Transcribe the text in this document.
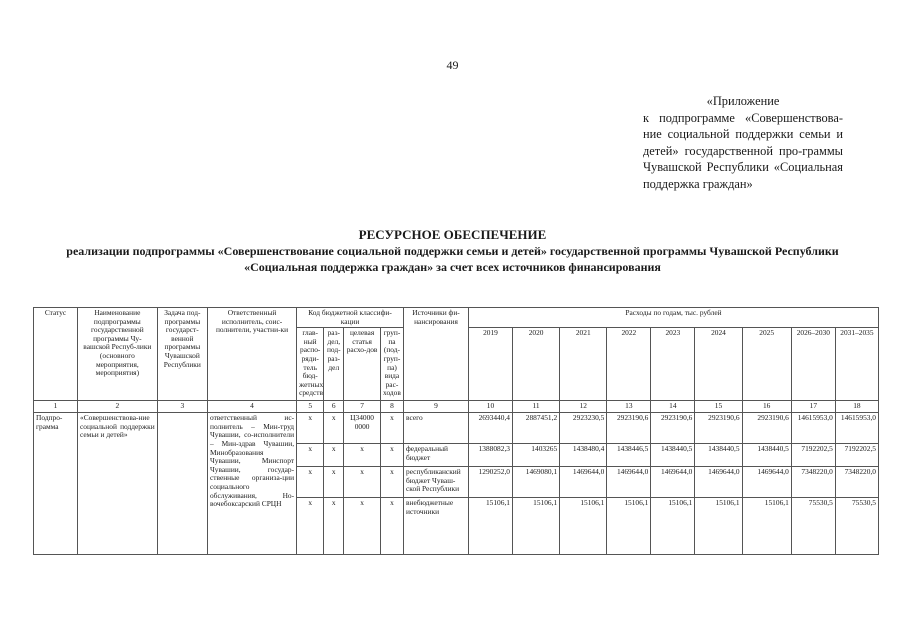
49
«Приложение
к подпрограмме «Совершенствова-ние социальной поддержки семьи и детей» государственной про-граммы Чувашской Республики «Социальная поддержка граждан»
РЕСУРСНОЕ ОБЕСПЕЧЕНИЕ
реализации подпрограммы «Совершенствование социальной поддержки семьи и детей» государственной программы Чувашской Республики «Социальная поддержка граждан» за счет всех источников финансирования
Статус	Наименование подпрограммы государственной программы Чу-вашской Респуб-лики (основного мероприятия, мероприятия)	Задача под-программы государст-венной программы Чувашской Республики	Ответственный исполнитель, соис-полнители, участни-ки	Код бюджетной классифи-кации				Источники фи-нансирования	Расходы по годам, тыс. рублей								
				глав-ный распо-ряди-тель бюд-жетных средств	раз-дел, под-раз-дел	целевая статья расхо-дов	груп-па (под-груп-па) вида рас-ходов		2019	2020	2021	2022	2023	2024	2025	2026–2030	2031–2035
1	2	3	4	5	6	7	8	9	10	11	12	13	14	15	16	17	18
Подпро-грамма	«Совершенствова-ние социальной поддержки семьи и детей»		ответственный ис-полнитель – Мин-труд Чувашии, со-исполнители – Мин-здрав Чувашии, Минобразования Чувашии, Минспорт Чувашии, государ-ственные организа-ции социального обслуживания, Но-вочебоксарский СРЦН	x	x	Ц34000 0000	x	всего	2693440,4	2887451,2	2923230,5	2923190,6	2923190,6	2923190,6	2923190,6	14615953,0	14615953,0
				x	x	x	x	федеральный бюджет	1388082,3	1403265	1438480,4	1438446,5	1438440,5	1438440,5	1438440,5	7192202,5	7192202,5
				x	x	x	x	республиканский бюджет Чуваш-ской Республики	1290252,0	1469080,1	1469644,0	1469644,0	1469644,0	1469644,0	1469644,0	7348220,0	7348220,0
				x	x	x	x	внебюджетные источники	15106,1	15106,1	15106,1	15106,1	15106,1	15106,1	15106,1	75530,5	75530,5
